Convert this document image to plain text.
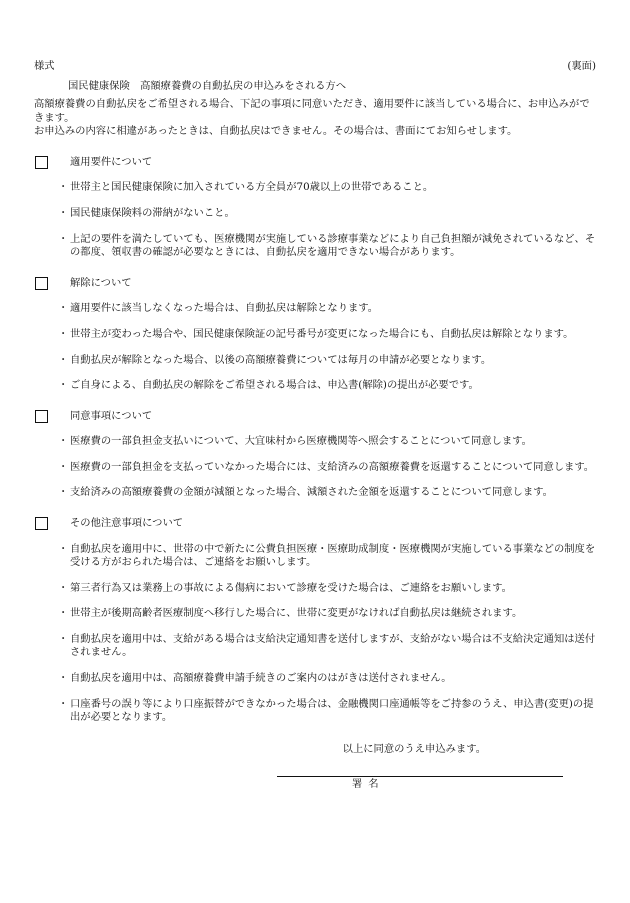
様式	(裏面)
国民健康保険　高額療養費の自動払戻の申込みをされる方へ
高額療養費の自動払戻をご希望される場合、下記の事項に同意いただき、適用要件に該当している場合に、お申込みができます。
お申込みの内容に相違があったときは、自動払戻はできません。その場合は、書面にてお知らせします。
適用要件について
・ 世帯主と国民健康保険に加入されている方全員が70歳以上の世帯であること。
・ 国民健康保険料の滞納がないこと。
・ 上記の要件を満たしていても、医療機関が実施している診療事業などにより自己負担額が減免されているなど、その都度、領収書の確認が必要なときには、自動払戻を適用できない場合があります。
解除について
・ 適用要件に該当しなくなった場合は、自動払戻は解除となります。
・ 世帯主が変わった場合や、国民健康保険証の記号番号が変更になった場合にも、自動払戻は解除となります。
・ 自動払戻が解除となった場合、以後の高額療養費については毎月の申請が必要となります。
・ ご自身による、自動払戻の解除をご希望される場合は、申込書(解除)の提出が必要です。
同意事項について
・ 医療費の一部負担金支払いについて、大宜味村から医療機関等へ照会することについて同意します。
・ 医療費の一部負担金を支払っていなかった場合には、支給済みの高額療養費を返還することについて同意します。
・ 支給済みの高額療養費の金額が減額となった場合、減額された金額を返還することについて同意します。
その他注意事項について
・ 自動払戻を適用中に、世帯の中で新たに公費負担医療・医療助成制度・医療機関が実施している事業などの制度を受ける方がおられた場合は、ご連絡をお願いします。
・ 第三者行為又は業務上の事故による傷病において診療を受けた場合は、ご連絡をお願いします。
・ 世帯主が後期高齢者医療制度へ移行した場合に、世帯に変更がなければ自動払戻は継続されます。
・ 自動払戻を適用中は、支給がある場合は支給決定通知書を送付しますが、支給がない場合は不支給決定通知は送付されません。
・ 自動払戻を適用中は、高額療養費申請手続きのご案内のはがきは送付されません。
・ 口座番号の誤り等により口座振替ができなかった場合は、金融機関口座通帳等をご持参のうえ、申込書(変更)の提出が必要となります。
以上に同意のうえ申込みます。
署名
